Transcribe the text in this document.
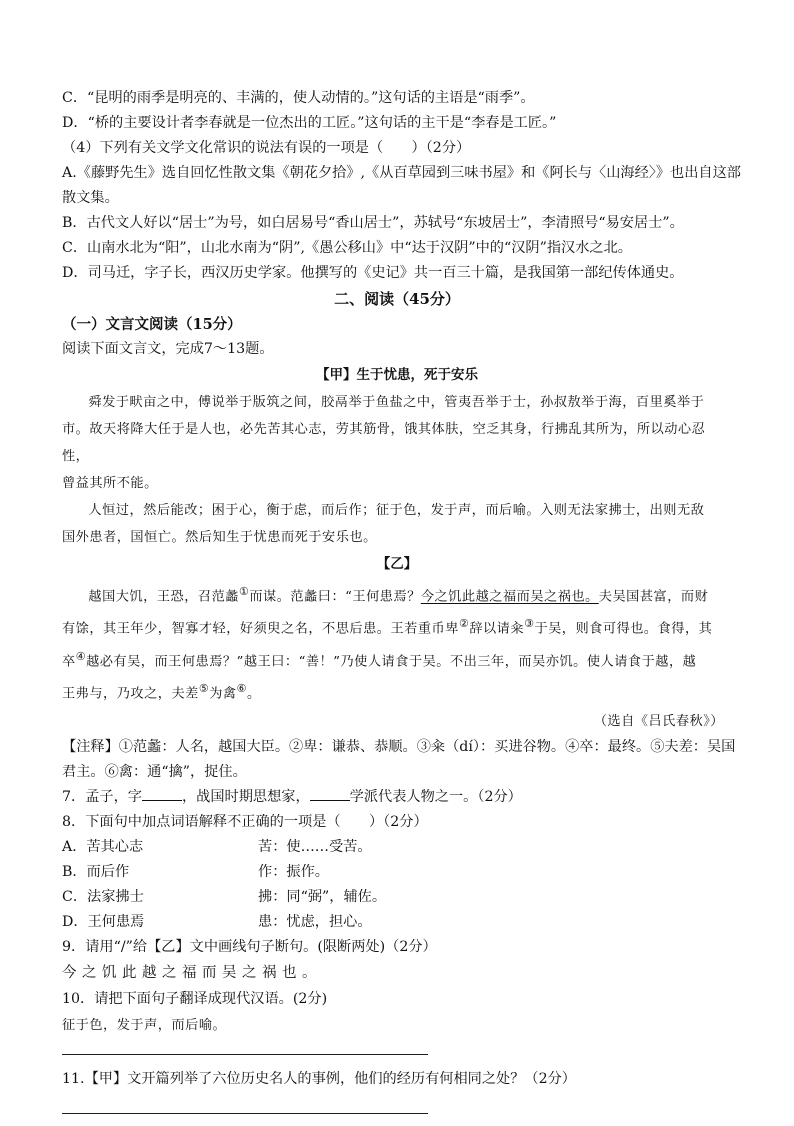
C．“昆明的雨季是明亮的、丰满的，使人动情的。”这句话的主语是“雨季”。
D．“桥的主要设计者李春就是一位杰出的工匠。”这句话的主干是“李春是工匠。”
（4）下列有关文学文化常识的说法有误的一项是（　　）（2分）
A.《藤野先生》选自回忆性散文集《朝花夕拾》,《从百草园到三味书屋》和《阿长与〈山海经〉》也出自这部
散文集。
B．古代文人好以“居士”为号，如白居易号“香山居士”，苏轼号“东坡居士”，李清照号“易安居士”。
C．山南水北为“阳”，山北水南为“阴”,《愚公移山》中“达于汉阴”中的“汉阴”指汉水之北。
D．司马迁，字子长，西汉历史学家。他撰写的《史记》共一百三十篇，是我国第一部纪传体通史。
二、阅读（45分）
（一）文言文阅读（15分）
阅读下面文言文，完成7～13题。
【甲】生于忧患，死于安乐
舜发于畎亩之中，傅说举于版筑之间，胶鬲举于鱼盐之中，管夷吾举于士，孙叔敖举于海，百里奚举于
市。故天将降大任于是人也，必先苦其心志，劳其筋骨，饿其体肤，空乏其身，行拂乱其所为，所以动心忍性，
曾益其所不能。
人恒过，然后能改；困于心，衡于虑，而后作；征于色，发于声，而后喻。入则无法家拂士，出则无敌
国外患者，国恒亡。然后知生于忧患而死于安乐也。
【乙】
越国大饥，王恐，召范蠡①而谋。范蠡曰：“王何患焉？今之饥此越之福而吴之祸也。夫吴国甚富，而财
有馀，其王年少，智寡才轻，好须臾之名，不思后患。王若重币卑②辞以请籴③于吴，则食可得也。食得，其
卒④越必有吴，而王何患焉？”越王曰：“善！”乃使人请食于吴。不出三年，而吴亦饥。使人请食于越，越
王弗与，乃攻之，夫差⑤为禽⑥。
（选自《吕氏春秋》）
【注释】①范蠡：人名，越国大臣。②卑：谦恭、恭顺。③籴（dí）：买进谷物。④卒：最终。⑤夫差：吴国
君主。⑥禽：通“擒”，捉住。
7．孟子，字	，战国时期思想家，	学派代表人物之一。（2分）
8．下面句中加点词语解释不正确的一项是（　　）（2分）
A．苦其心志	苦：使……受苦。
B．而后作	作：振作。
C．法家拂士	拂：同“弼”，辅佐。
D．王何患焉	患：忧虑，担心。
9．请用“/”给【乙】文中画线句子断句。(限断两处)（2分）
今之饥此越之福而吴之祸也。
10．请把下面句子翻译成现代汉语。(2分)
征于色，发于声，而后喻。
11.【甲】文开篇列举了六位历史名人的事例，他们的经历有何相同之处？（2分）
